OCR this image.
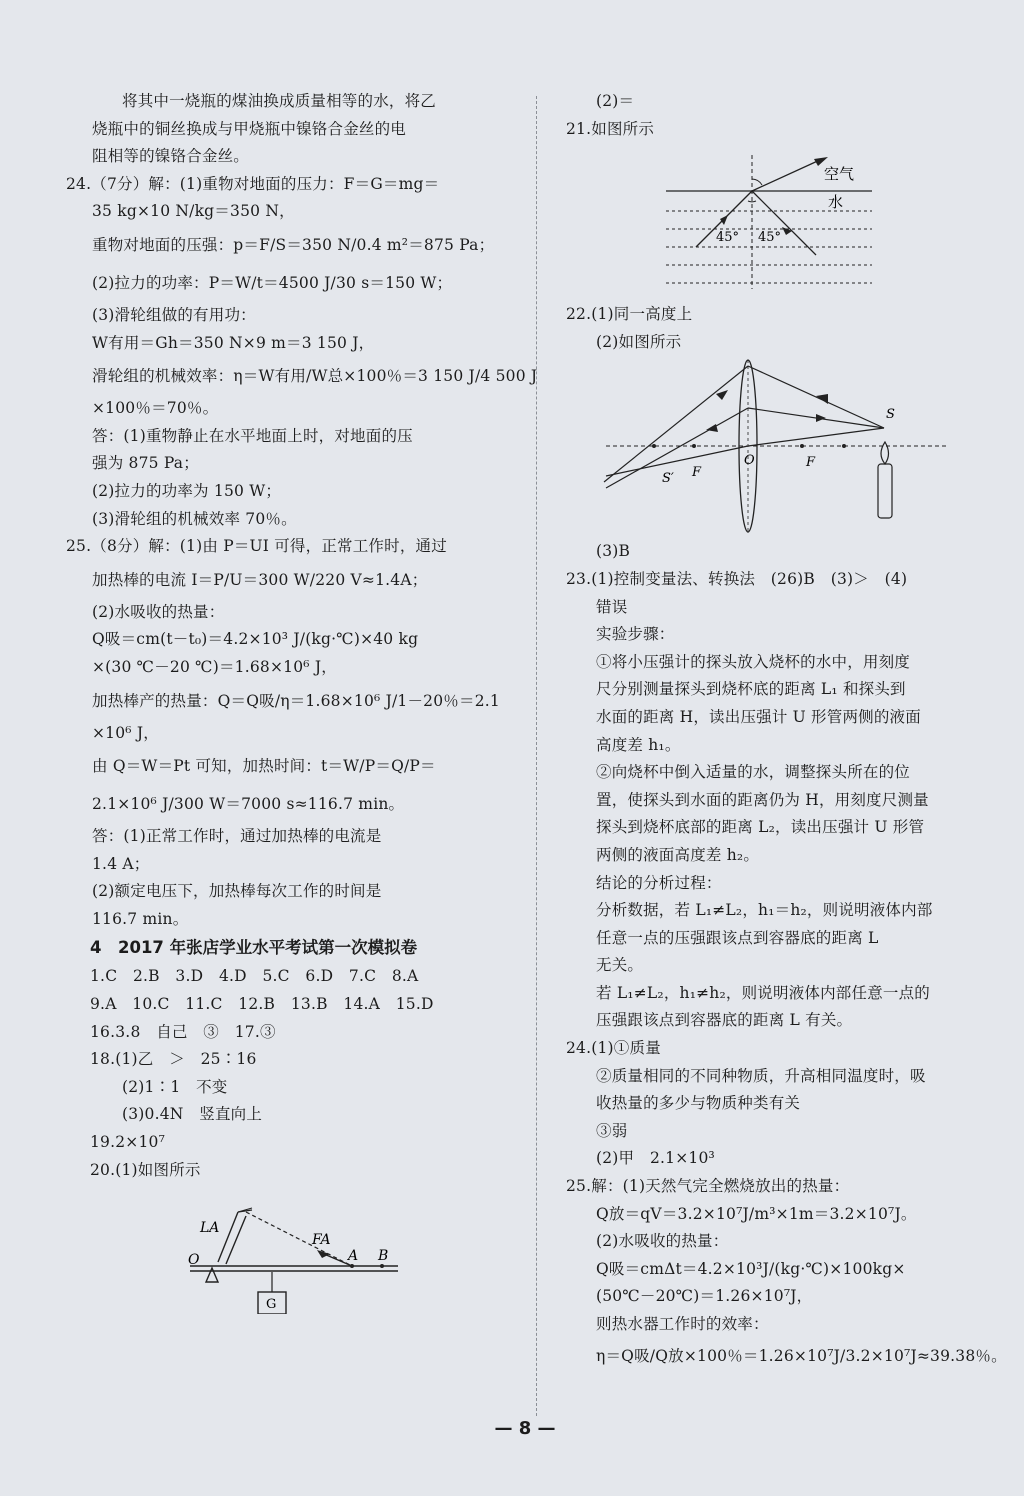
将其中一烧瓶的煤油换成质量相等的水，将乙
烧瓶中的铜丝换成与甲烧瓶中镍铬合金丝的电
阻相等的镍铬合金丝。
24.（7分）解：(1)重物对地面的压力：F＝G＝mg＝
35 kg×10 N/kg＝350 N，
重物对地面的压强：p＝F/S＝350 N/0.4 m²＝875 Pa；
(2)拉力的功率：P＝W/t＝4500 J/30 s＝150 W；
(3)滑轮组做的有用功：
W有用＝Gh＝350 N×9 m＝3 150 J，
滑轮组的机械效率：η＝W有用/W总×100％＝3 150 J/4 500 J
×100％＝70％。
答：(1)重物静止在水平地面上时，对地面的压
强为 875 Pa；
(2)拉力的功率为 150 W；
(3)滑轮组的机械效率 70％。
25.（8分）解：(1)由 P＝UI 可得，正常工作时，通过
加热棒的电流 I＝P/U＝300 W/220 V≈1.4A；
(2)水吸收的热量：
Q吸＝cm(t－t₀)＝4.2×10³ J/(kg·℃)×40 kg
×(30 ℃－20 ℃)＝1.68×10⁶ J，
加热棒产的热量：Q＝Q吸/η＝1.68×10⁶ J/1－20％＝2.1
×10⁶ J，
由 Q＝W＝Pt 可知，加热时间：t＝W/P＝Q/P＝
2.1×10⁶ J/300 W＝7000 s≈116.7 min。
答：(1)正常工作时，通过加热棒的电流是
1.4 A；
(2)额定电压下，加热棒每次工作的时间是
116.7 min。
4　2017 年张店学业水平考试第一次模拟卷
1.C　2.B　3.D　4.D　5.C　6.D　7.C　8.A
9.A　10.C　11.C　12.B　13.B　14.A　15.D
16.3.8　自己　③　17.③
18.(1)乙　＞　25∶16
(2)1∶1　不变
(3)0.4N　竖直向上
19.2×10⁷
20.(1)如图所示
LA
O
FA
A B
G
(2)＝
21.如图所示
空气
水
45° 45°
22.(1)同一高度上
(2)如图所示
S
S′ F
O	F
(3)B
23.(1)控制变量法、转换法　(26)B　(3)＞　(4)
错误
实验步骤：
①将小压强计的探头放入烧杯的水中，用刻度
尺分别测量探头到烧杯底的距离 L₁ 和探头到
水面的距离 H，读出压强计 U 形管两侧的液面
高度差 h₁。
②向烧杯中倒入适量的水，调整探头所在的位
置，使探头到水面的距离仍为 H，用刻度尺测量
探头到烧杯底部的距离 L₂，读出压强计 U 形管
两侧的液面高度差 h₂。
结论的分析过程：
分析数据，若 L₁≠L₂，h₁＝h₂，则说明液体内部
任意一点的压强跟该点到容器底的距离 L
无关。
若 L₁≠L₂，h₁≠h₂，则说明液体内部任意一点的
压强跟该点到容器底的距离 L 有关。
24.(1)①质量
②质量相同的不同种物质，升高相同温度时，吸
收热量的多少与物质种类有关
③弱
(2)甲　2.1×10³
25.解：(1)天然气完全燃烧放出的热量：
Q放＝qV＝3.2×10⁷J/m³×1m＝3.2×10⁷J。
(2)水吸收的热量：
Q吸＝cmΔt＝4.2×10³J/(kg·℃)×100kg×
(50℃－20℃)＝1.26×10⁷J，
则热水器工作时的效率：
η＝Q吸/Q放×100％＝1.26×10⁷J/3.2×10⁷J≈39.38％。
— 8 —
